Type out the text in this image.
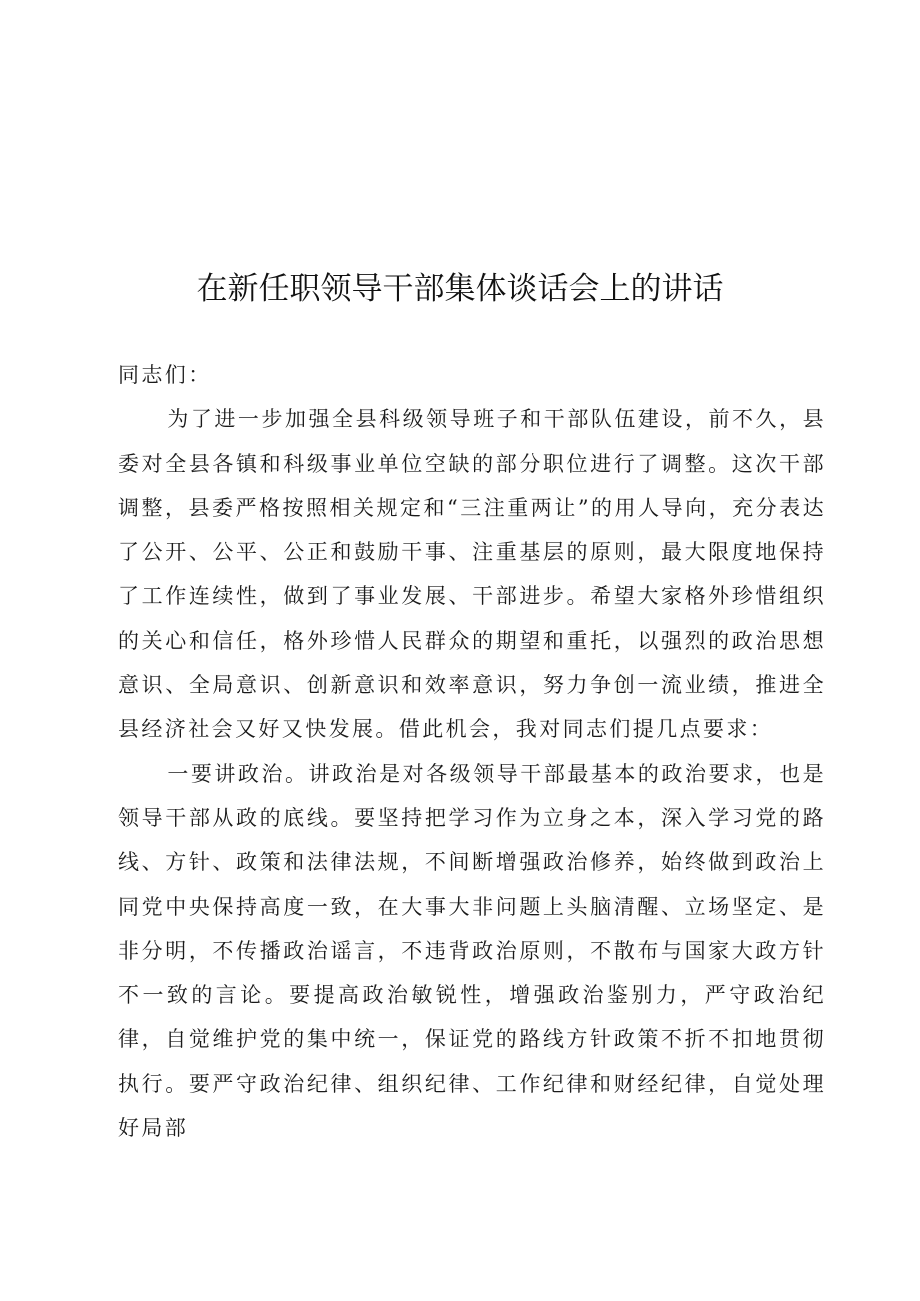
在新任职领导干部集体谈话会上的讲话

同志们：

为了进一步加强全县科级领导班子和干部队伍建设，前不久，县委对全县各镇和科级事业单位空缺的部分职位进行了调整。这次干部调整，县委严格按照相关规定和“三注重两让”的用人导向，充分表达了公开、公平、公正和鼓励干事、注重基层的原则，最大限度地保持了工作连续性，做到了事业发展、干部进步。希望大家格外珍惜组织的关心和信任，格外珍惜人民群众的期望和重托，以强烈的政治思想意识、全局意识、创新意识和效率意识，努力争创一流业绩，推进全县经济社会又好又快发展。借此机会，我对同志们提几点要求：

一要讲政治。讲政治是对各级领导干部最基本的政治要求，也是领导干部从政的底线。要坚持把学习作为立身之本，深入学习党的路线、方针、政策和法律法规，不间断增强政治修养，始终做到政治上同党中央保持高度一致，在大事大非问题上头脑清醒、立场坚定、是非分明，不传播政治谣言，不违背政治原则，不散布与国家大政方针不一致的言论。要提高政治敏锐性，增强政治鉴别力，严守政治纪律，自觉维护党的集中统一，保证党的路线方针政策不折不扣地贯彻执行。要严守政治纪律、组织纪律、工作纪律和财经纪律，自觉处理好局部
